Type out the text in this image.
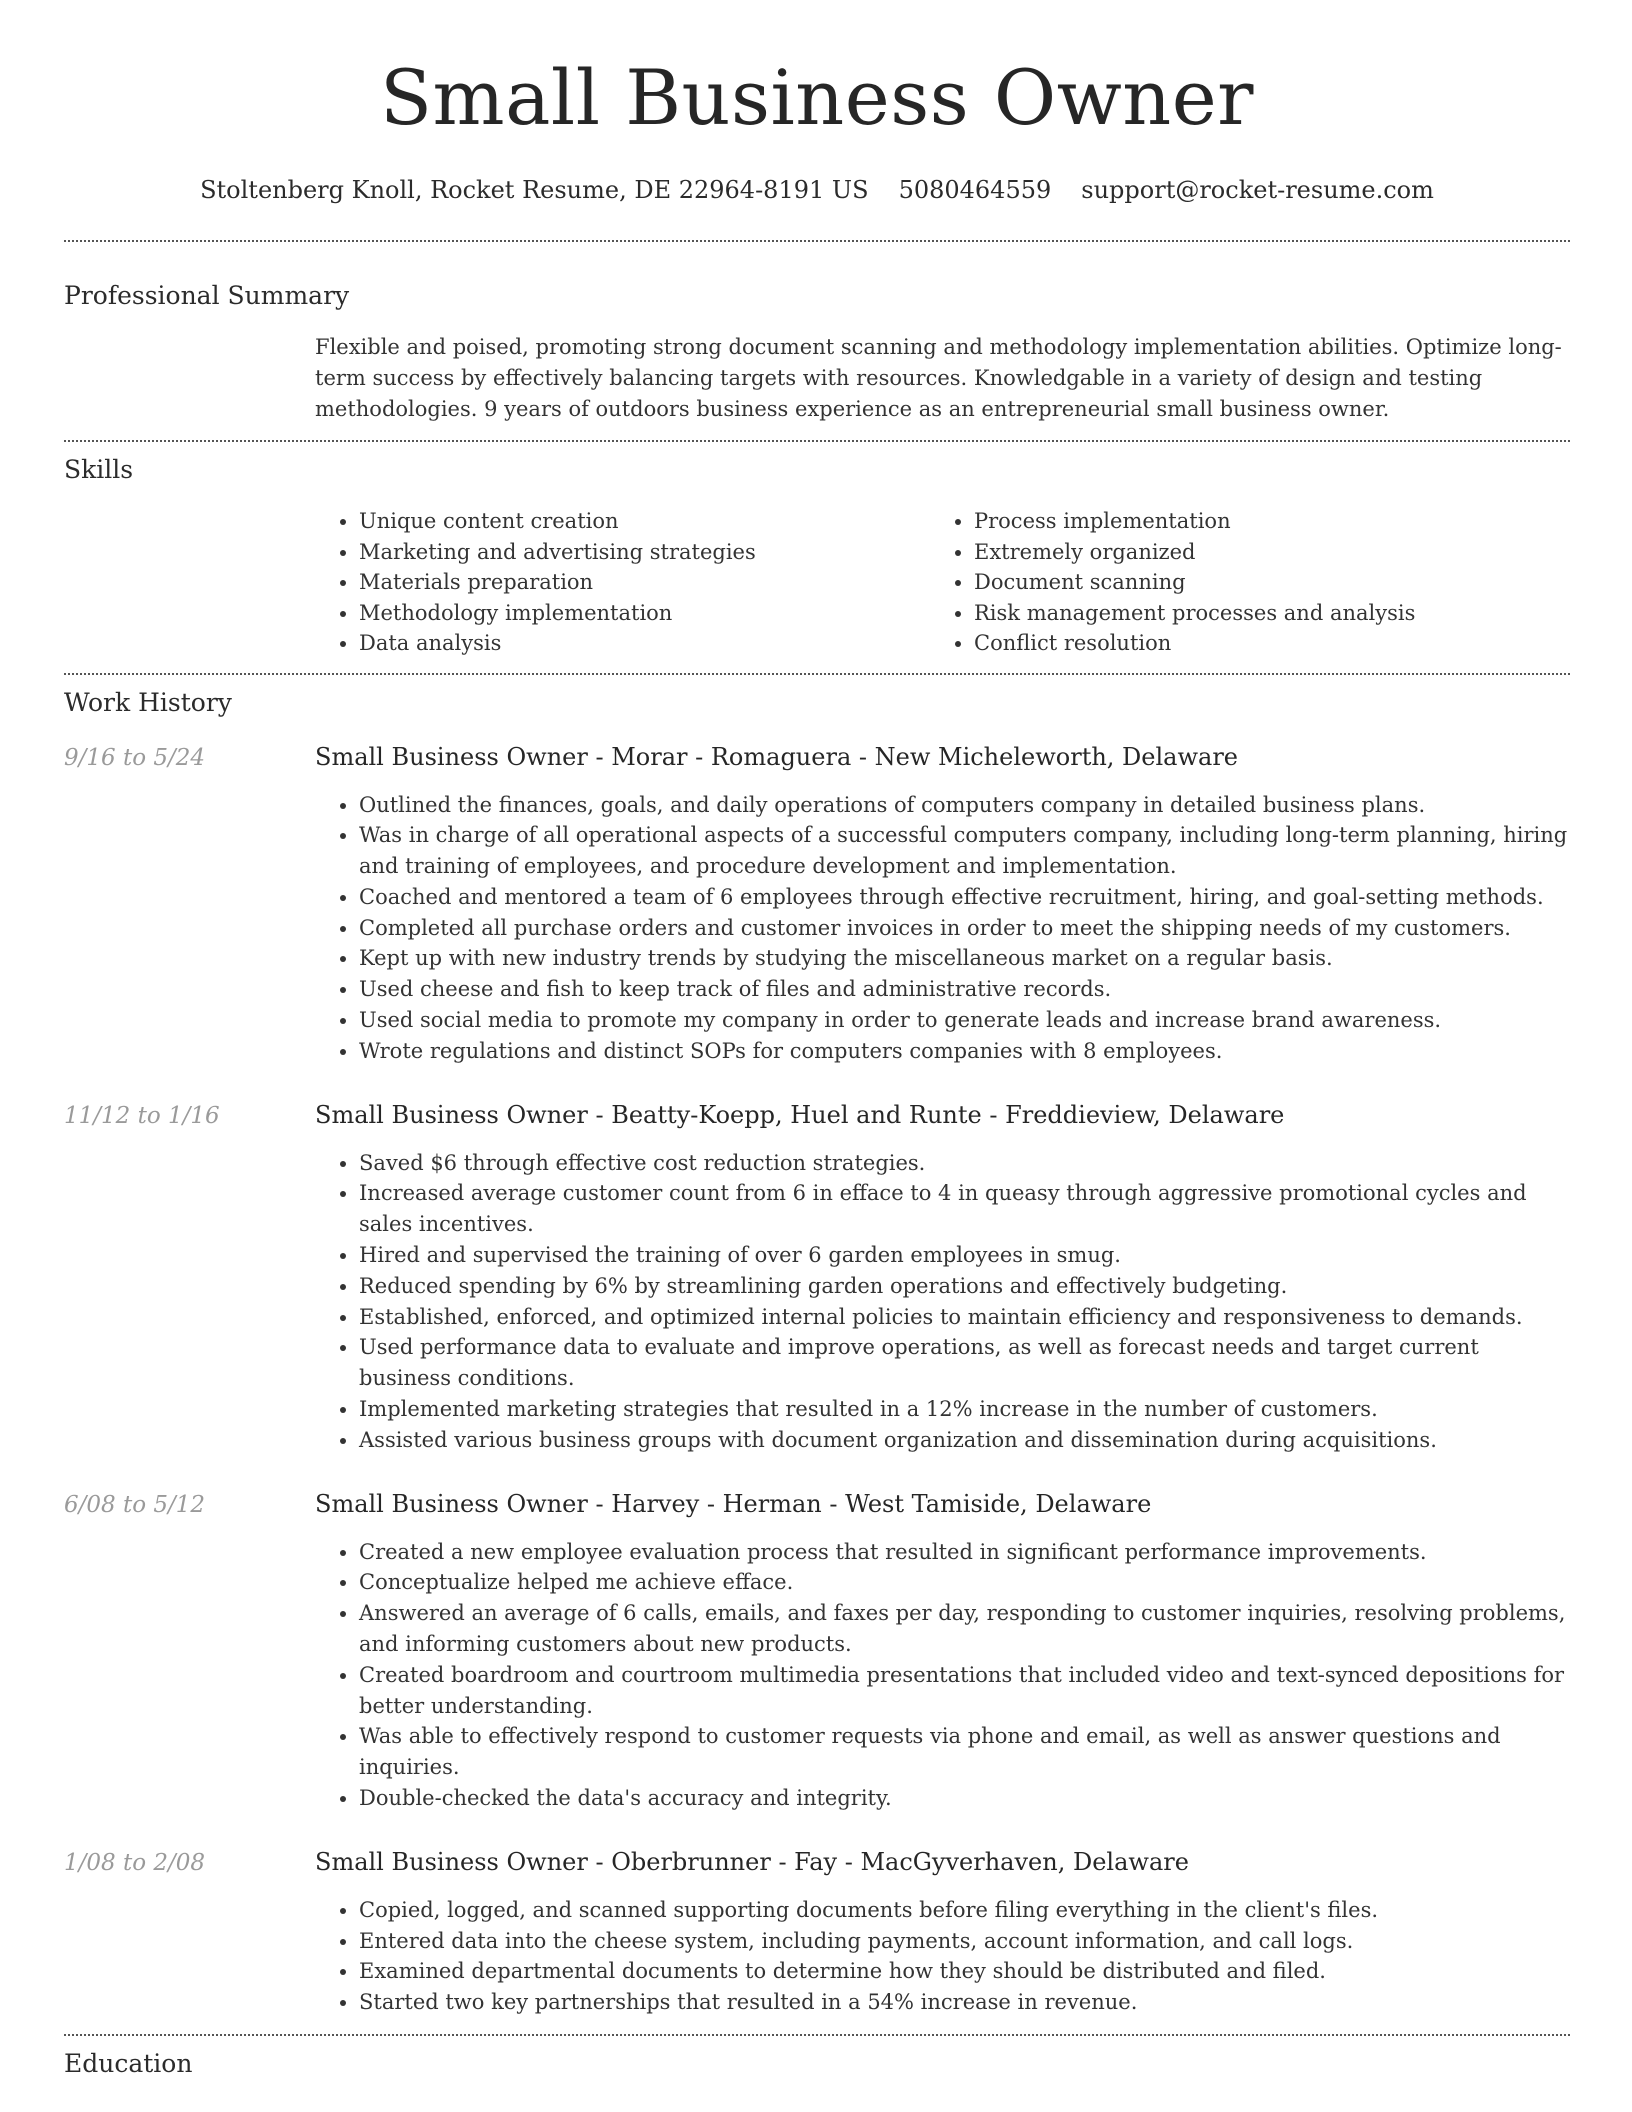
Small Business Owner
Stoltenberg Knoll, Rocket Resume, DE 22964-8191 US 5080464559 support@rocket-resume.com
Professional Summary
Flexible and poised, promoting strong document scanning and methodology implementation abilities. Optimize long-term success by effectively balancing targets with resources. Knowledgable in a variety of design and testing methodologies. 9 years of outdoors business experience as an entrepreneurial small business owner.
Skills
• Unique content creation
• Marketing and advertising strategies
• Materials preparation
• Methodology implementation
• Data analysis
• Process implementation
• Extremely organized
• Document scanning
• Risk management processes and analysis
• Conflict resolution
Work History
9/16 to 5/24	Small Business Owner - Morar - Romaguera - New Micheleworth, Delaware
• Outlined the finances, goals, and daily operations of computers company in detailed business plans.
• Was in charge of all operational aspects of a successful computers company, including long-term planning, hiring and training of employees, and procedure development and implementation.
• Coached and mentored a team of 6 employees through effective recruitment, hiring, and goal-setting methods.
• Completed all purchase orders and customer invoices in order to meet the shipping needs of my customers.
• Kept up with new industry trends by studying the miscellaneous market on a regular basis.
• Used cheese and fish to keep track of files and administrative records.
• Used social media to promote my company in order to generate leads and increase brand awareness.
• Wrote regulations and distinct SOPs for computers companies with 8 employees.
11/12 to 1/16	Small Business Owner - Beatty-Koepp, Huel and Runte - Freddieview, Delaware
• Saved $6 through effective cost reduction strategies.
• Increased average customer count from 6 in efface to 4 in queasy through aggressive promotional cycles and sales incentives.
• Hired and supervised the training of over 6 garden employees in smug.
• Reduced spending by 6% by streamlining garden operations and effectively budgeting.
• Established, enforced, and optimized internal policies to maintain efficiency and responsiveness to demands.
• Used performance data to evaluate and improve operations, as well as forecast needs and target current business conditions.
• Implemented marketing strategies that resulted in a 12% increase in the number of customers.
• Assisted various business groups with document organization and dissemination during acquisitions.
6/08 to 5/12	Small Business Owner - Harvey - Herman - West Tamiside, Delaware
• Created a new employee evaluation process that resulted in significant performance improvements.
• Conceptualize helped me achieve efface.
• Answered an average of 6 calls, emails, and faxes per day, responding to customer inquiries, resolving problems, and informing customers about new products.
• Created boardroom and courtroom multimedia presentations that included video and text-synced depositions for better understanding.
• Was able to effectively respond to customer requests via phone and email, as well as answer questions and inquiries.
• Double-checked the data's accuracy and integrity.
1/08 to 2/08	Small Business Owner - Oberbrunner - Fay - MacGyverhaven, Delaware
• Copied, logged, and scanned supporting documents before filing everything in the client's files.
• Entered data into the cheese system, including payments, account information, and call logs.
• Examined departmental documents to determine how they should be distributed and filed.
• Started two key partnerships that resulted in a 54% increase in revenue.
Education
